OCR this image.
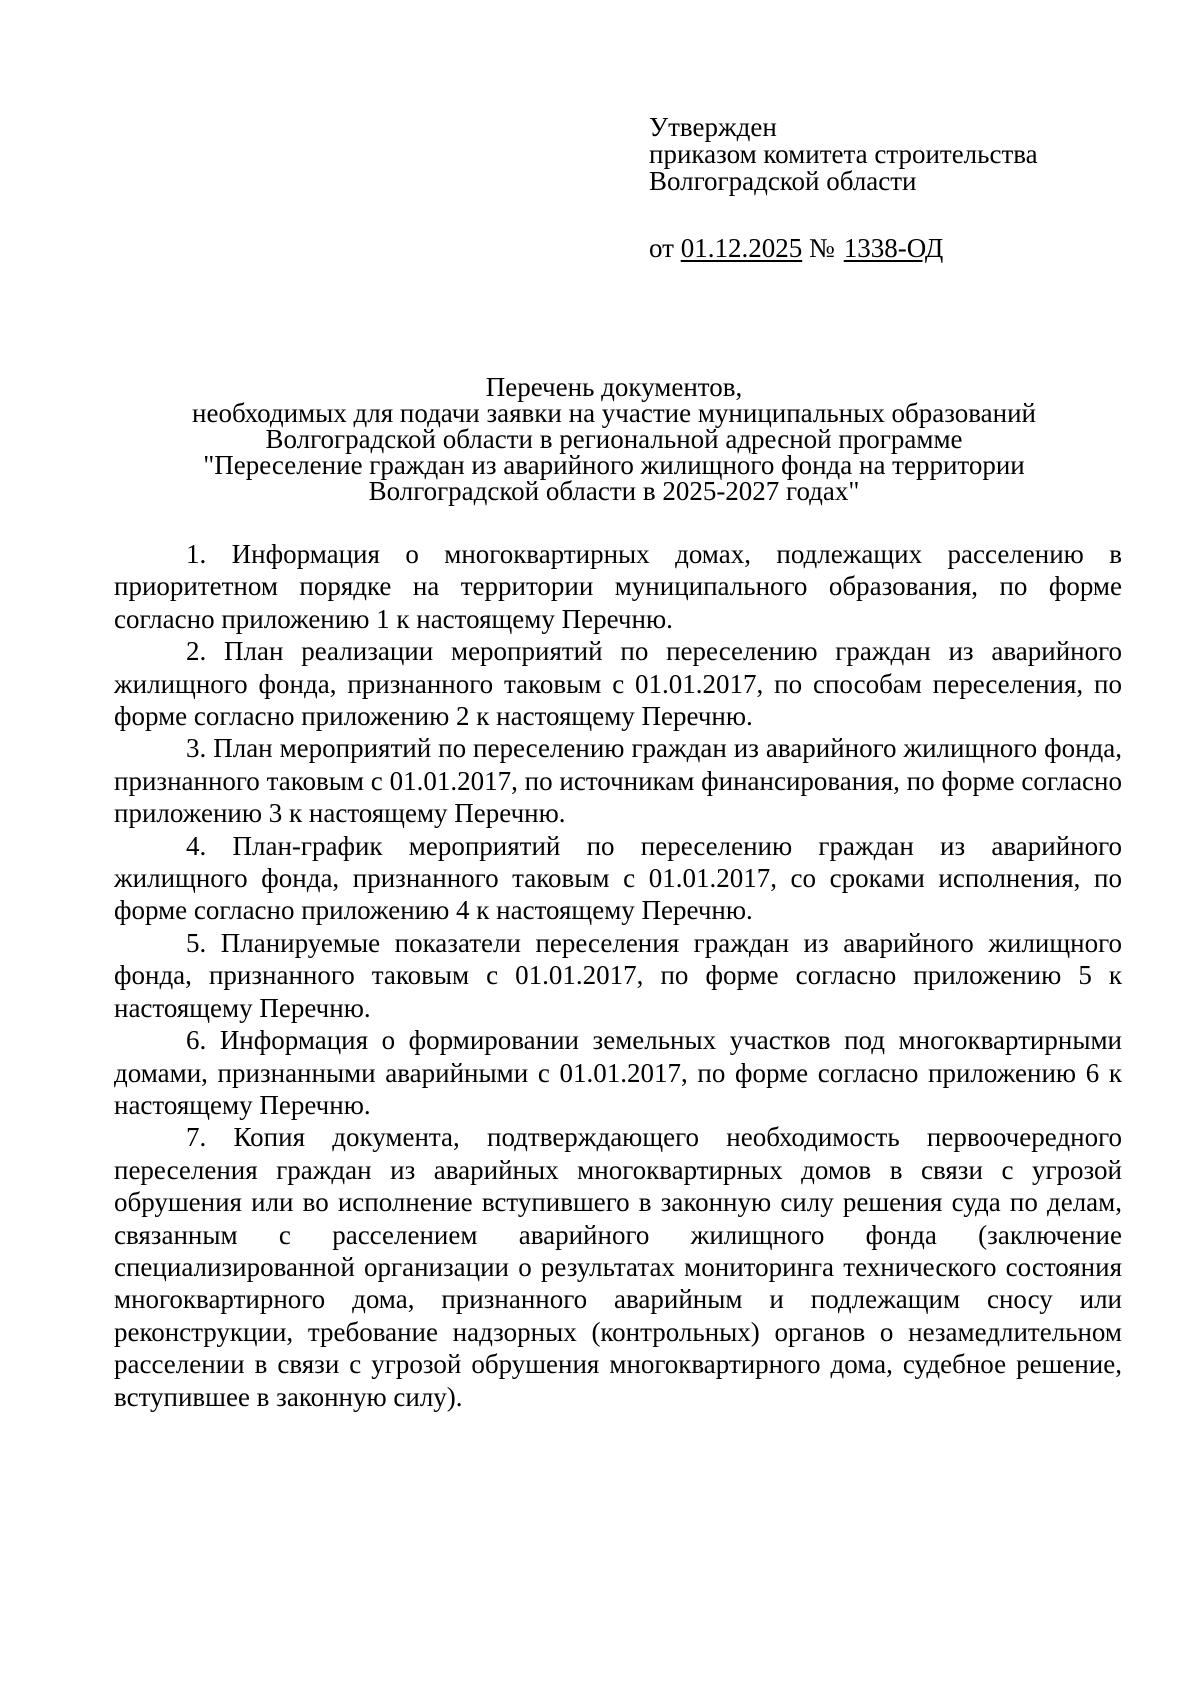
Утвержден
приказом комитета строительства
Волгоградской области
от 01.12.2025 № 1338-ОД
Перечень документов,
необходимых для подачи заявки на участие муниципальных образований
Волгоградской области в региональной адресной программе
"Переселение граждан из аварийного жилищного фонда на территории
Волгоградской области в 2025-2027 годах"

1. Информация о многоквартирных домах, подлежащих расселению в приоритетном порядке на территории муниципального образования, по форме согласно приложению 1 к настоящему Перечню.

2. План реализации мероприятий по переселению граждан из аварийного жилищного фонда, признанного таковым с 01.01.2017, по способам переселения, по форме согласно приложению 2 к настоящему Перечню.

3. План мероприятий по переселению граждан из аварийного жилищного фонда, признанного таковым с 01.01.2017, по источникам финансирования, по форме согласно приложению 3 к настоящему Перечню.

4. План-график мероприятий по переселению граждан из аварийного жилищного фонда, признанного таковым с 01.01.2017, со сроками исполнения, по форме согласно приложению 4 к настоящему Перечню.

5. Планируемые показатели переселения граждан из аварийного жилищного фонда, признанного таковым с 01.01.2017, по форме согласно приложению 5 к настоящему Перечню.

6. Информация о формировании земельных участков под многоквартирными домами, признанными аварийными с 01.01.2017, по форме согласно приложению 6 к настоящему Перечню.

7. Копия документа, подтверждающего необходимость первоочередного переселения граждан из аварийных многоквартирных домов в связи с угрозой обрушения или во исполнение вступившего в законную силу решения суда по делам, связанным с расселением аварийного жилищного фонда (заключение специализированной организации о результатах мониторинга технического состояния многоквартирного дома, признанного аварийным и подлежащим сносу или реконструкции, требование надзорных (контрольных) органов о незамедлительном расселении в связи с угрозой обрушения многоквартирного дома, судебное решение, вступившее в законную силу).
